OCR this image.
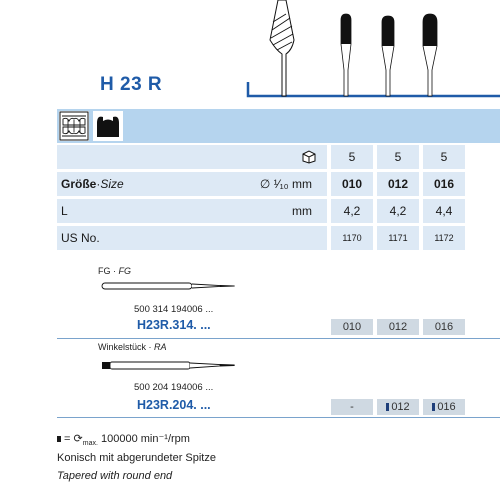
H 23 R
5	5	5
Größe · Size	∅ ¹⁄₁₀ mm	010	012	016
L	mm	4,2	4,2	4,4
US No.	1170	1171	1172
FG · FG
500 314 194006 ...
H23R.314. ...	010	012	016
Winkelstück · RA
500 204 194006 ...
H23R.204. ...	-	012	016
= $⟳_{max.}$ 100000 min⁻¹/rpm
Konisch mit abgerundeter Spitze
Tapered with round end
